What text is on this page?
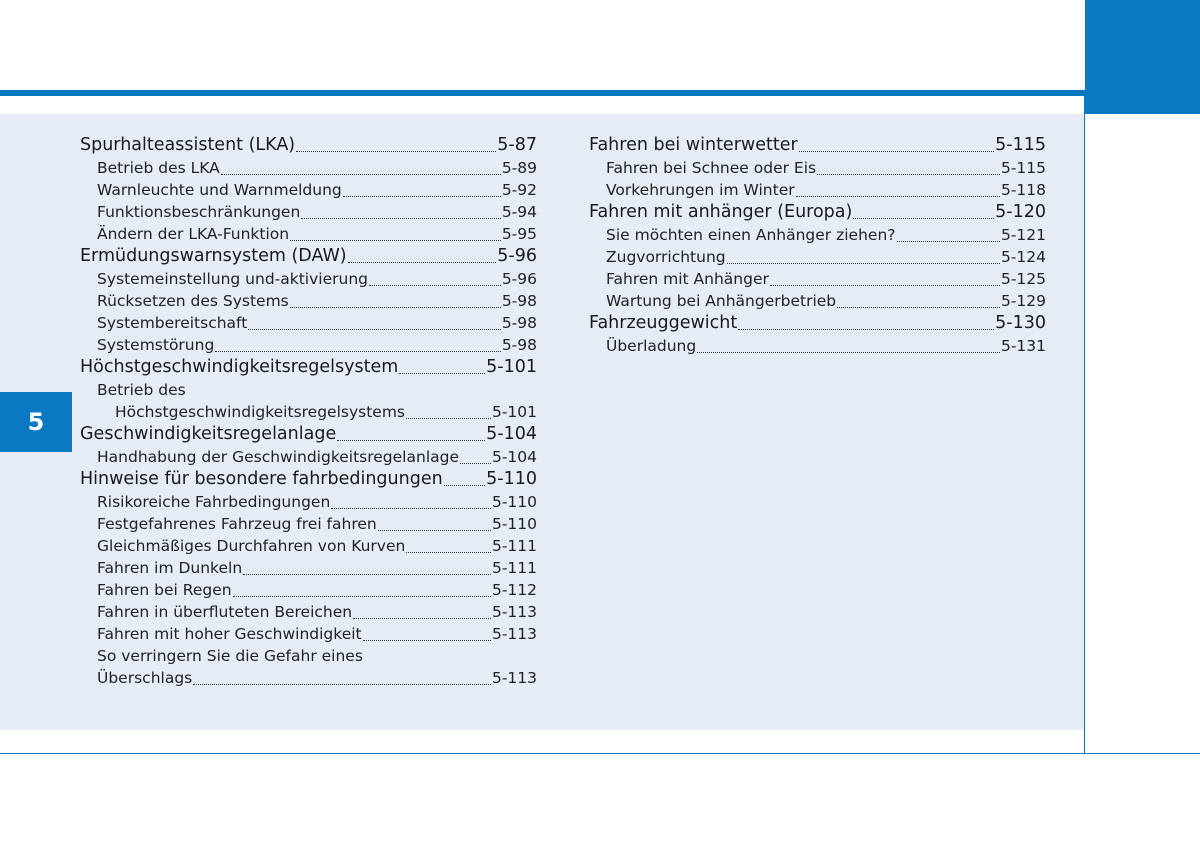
5
Spurhalteassistent (LKA)	5-87
Betrieb des LKA	5-89
Warnleuchte und Warnmeldung	5-92
Funktionsbeschränkungen	5-94
Ändern der LKA-Funktion	5-95
Ermüdungswarnsystem (DAW)	5-96
Systemeinstellung und-aktivierung	5-96
Rücksetzen des Systems	5-98
Systembereitschaft	5-98
Systemstörung	5-98
Höchstgeschwindigkeitsregelsystem	5-101
Betrieb des
Höchstgeschwindigkeitsregelsystems	5-101
Geschwindigkeitsregelanlage	5-104
Handhabung der Geschwindigkeitsregelanlage 5-104
Hinweise für besondere fahrbedingungen 5-110
Risikoreiche Fahrbedingungen	5-110
Festgefahrenes Fahrzeug frei fahren	5-110
Gleichmäßiges Durchfahren von Kurven	5-111
Fahren im Dunkeln	5-111
Fahren bei Regen	5-112
Fahren in überfluteten Bereichen	5-113
Fahren mit hoher Geschwindigkeit	5-113
So verringern Sie die Gefahr eines
Überschlags	5-113
Fahren bei winterwetter	5-115
Fahren bei Schnee oder Eis	5-115
Vorkehrungen im Winter	5-118
Fahren mit anhänger (Europa)	5-120
Sie möchten einen Anhänger ziehen?	5-121
Zugvorrichtung	5-124
Fahren mit Anhänger	5-125
Wartung bei Anhängerbetrieb	5-129
Fahrzeuggewicht	5-130
Überladung	5-131
